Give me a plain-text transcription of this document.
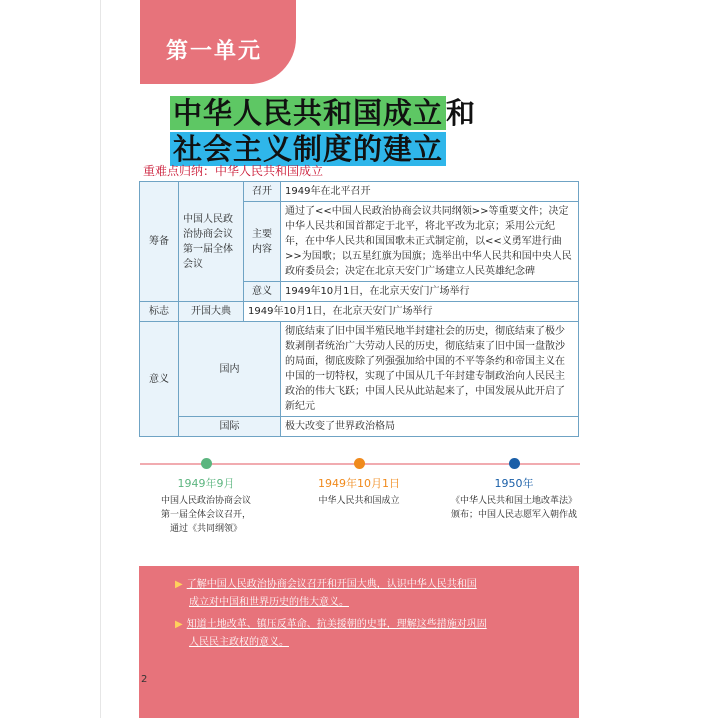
第一单元
中华人民共和国成立 和
社会主义制度的建立
重难点归纳：中华人民共和国成立
筹备	中国人民政治协商会议第一届全体会议	召开	1949年在北平召开
		主要内容	通过了<<中国人民政治协商会议共同纲领>>等重要文件；决定中华人民共和国首都定于北平，将北平改为北京；采用公元纪年，在中华人民共和国国歌未正式制定前，以<<义勇军进行曲>>为国歌；以五星红旗为国旗；选举出中华人民共和国中央人民政府委员会；决定在北京天安门广场建立人民英雄纪念碑
		意义	1949年10月1日，在北京天安门广场举行
标志	开国大典	1949年10月1日，在北京天安门广场举行	
意义	国内		彻底结束了旧中国半殖民地半封建社会的历史，彻底结束了极少数剥削者统治广大劳动人民的历史，彻底结束了旧中国一盘散沙的局面，彻底废除了列强强加给中国的不平等条约和帝国主义在中国的一切特权，实现了中国从几千年封建专制政治向人民民主政治的伟大飞跃；中国人民从此站起来了，中国发展从此开启了新纪元
	国际		极大改变了世界政治格局
1949年9月	1949年10月1日	1950年
中国人民政治协商会议
第一届全体会议召开，
通过《共同纲领》
中华人民共和国成立	《中华人民共和国土地改革法》
颁布；中国人民志愿军入朝作战
▶ 了解中国人民政治协商会议召开和开国大典，认识中华人民共和国
成立对中国和世界历史的伟大意义。
▶ 知道土地改革、镇压反革命、抗美援朝的史事，理解这些措施对巩固
人民民主政权的意义。
2
